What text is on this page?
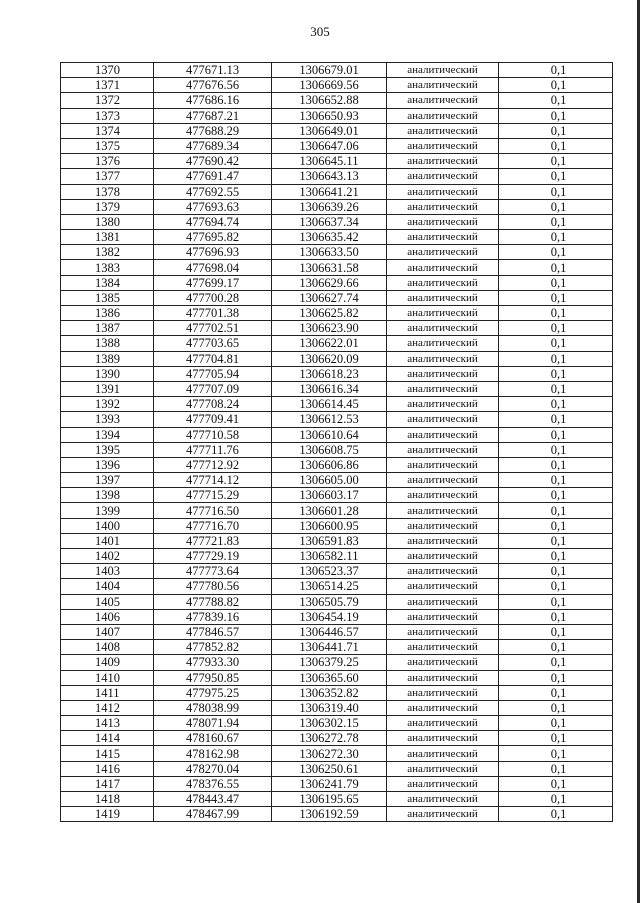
305
1370	477671.13	1306679.01	аналитический	0,1
1371	477676.56	1306669.56	аналитический	0,1
1372	477686.16	1306652.88	аналитический	0,1
1373	477687.21	1306650.93	аналитический	0,1
1374	477688.29	1306649.01	аналитический	0,1
1375	477689.34	1306647.06	аналитический	0,1
1376	477690.42	1306645.11	аналитический	0,1
1377	477691.47	1306643.13	аналитический	0,1
1378	477692.55	1306641.21	аналитический	0,1
1379	477693.63	1306639.26	аналитический	0,1
1380	477694.74	1306637.34	аналитический	0,1
1381	477695.82	1306635.42	аналитический	0,1
1382	477696.93	1306633.50	аналитический	0,1
1383	477698.04	1306631.58	аналитический	0,1
1384	477699.17	1306629.66	аналитический	0,1
1385	477700.28	1306627.74	аналитический	0,1
1386	477701.38	1306625.82	аналитический	0,1
1387	477702.51	1306623.90	аналитический	0,1
1388	477703.65	1306622.01	аналитический	0,1
1389	477704.81	1306620.09	аналитический	0,1
1390	477705.94	1306618.23	аналитический	0,1
1391	477707.09	1306616.34	аналитический	0,1
1392	477708.24	1306614.45	аналитический	0,1
1393	477709.41	1306612.53	аналитический	0,1
1394	477710.58	1306610.64	аналитический	0,1
1395	477711.76	1306608.75	аналитический	0,1
1396	477712.92	1306606.86	аналитический	0,1
1397	477714.12	1306605.00	аналитический	0,1
1398	477715.29	1306603.17	аналитический	0,1
1399	477716.50	1306601.28	аналитический	0,1
1400	477716.70	1306600.95	аналитический	0,1
1401	477721.83	1306591.83	аналитический	0,1
1402	477729.19	1306582.11	аналитический	0,1
1403	477773.64	1306523.37	аналитический	0,1
1404	477780.56	1306514.25	аналитический	0,1
1405	477788.82	1306505.79	аналитический	0,1
1406	477839.16	1306454.19	аналитический	0,1
1407	477846.57	1306446.57	аналитический	0,1
1408	477852.82	1306441.71	аналитический	0,1
1409	477933.30	1306379.25	аналитический	0,1
1410	477950.85	1306365.60	аналитический	0,1
1411	477975.25	1306352.82	аналитический	0,1
1412	478038.99	1306319.40	аналитический	0,1
1413	478071.94	1306302.15	аналитический	0,1
1414	478160.67	1306272.78	аналитический	0,1
1415	478162.98	1306272.30	аналитический	0,1
1416	478270.04	1306250.61	аналитический	0,1
1417	478376.55	1306241.79	аналитический	0,1
1418	478443.47	1306195.65	аналитический	0,1
1419	478467.99	1306192.59	аналитический	0,1
